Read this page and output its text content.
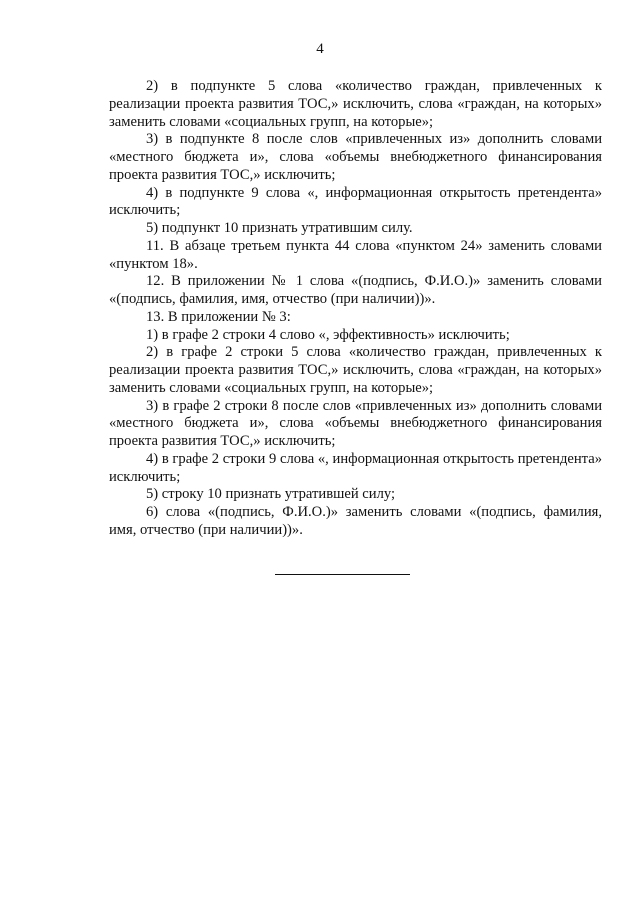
4

2) в подпункте 5 слова «количество граждан, привлеченных к реализации проекта развития ТОС,» исключить, слова «граждан, на которых» заменить словами «социальных групп, на которые»;

3) в подпункте 8 после слов «привлеченных из» дополнить словами «местного бюджета и», слова «объемы внебюджетного финансирования проекта развития ТОС,» исключить;

4) в подпункте 9 слова «, информационная открытость претендента» исключить;

5) подпункт 10 признать утратившим силу.

11. В абзаце третьем пункта 44 слова «пунктом 24» заменить словами «пунктом 18».

12. В приложении № 1 слова «(подпись, Ф.И.О.)» заменить словами «(подпись, фамилия, имя, отчество (при наличии))».

13. В приложении № 3:

1) в графе 2 строки 4 слово «, эффективность» исключить;

2) в графе 2 строки 5 слова «количество граждан, привлеченных к реализации проекта развития ТОС,» исключить, слова «граждан, на которых» заменить словами «социальных групп, на которые»;

3) в графе 2 строки 8 после слов «привлеченных из» дополнить словами «местного бюджета и», слова «объемы внебюджетного финансирования проекта развития ТОС,» исключить;

4) в графе 2 строки 9 слова «, информационная открытость претендента» исключить;

5) строку 10 признать утратившей силу;

6) слова «(подпись, Ф.И.О.)» заменить словами «(подпись, фамилия, имя, отчество (при наличии))».
